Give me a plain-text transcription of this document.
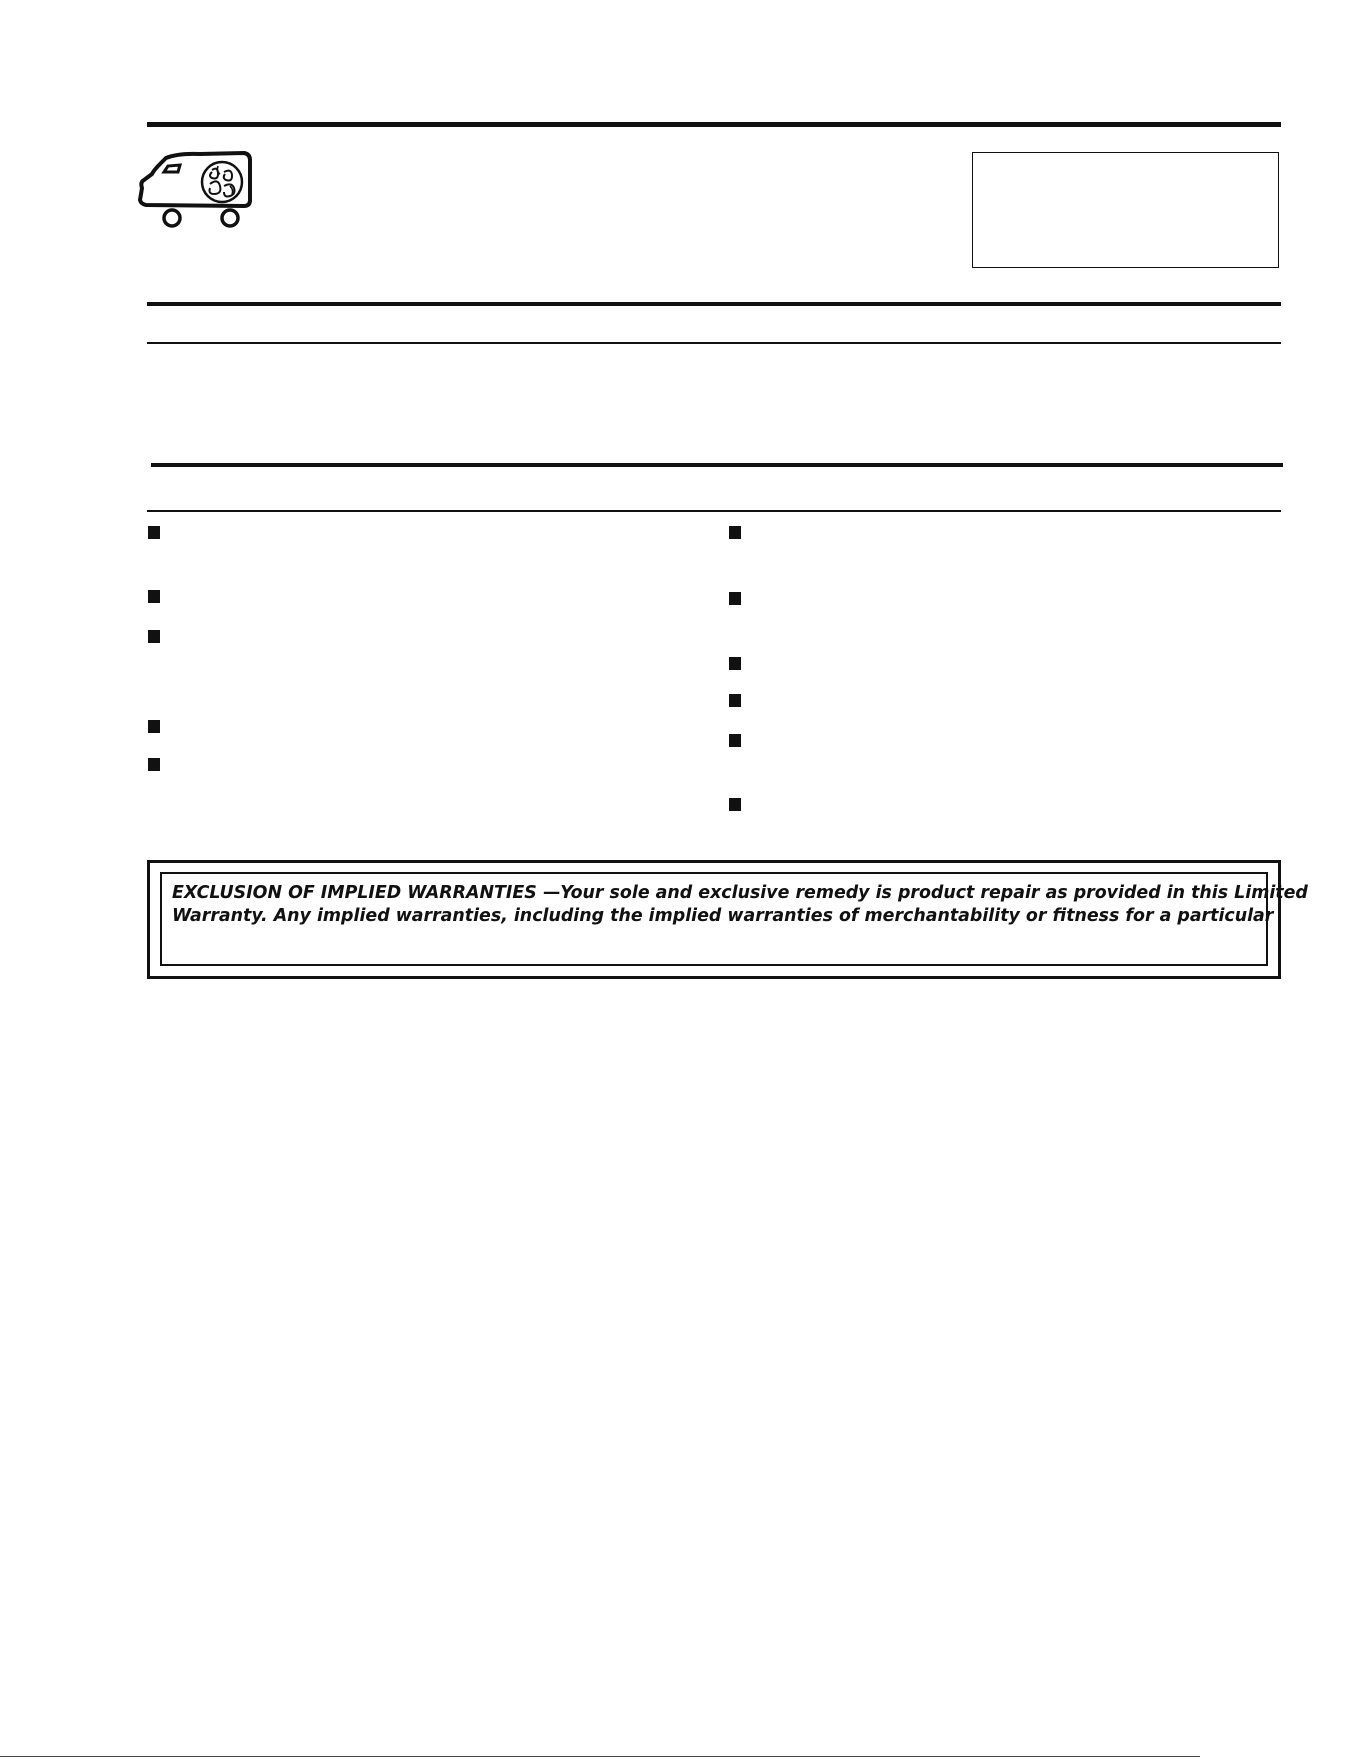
EXCLUSION OF IMPLIED WARRANTIES —Your sole and exclusive remedy is product repair as provided in this Limited
Warranty. Any implied warranties, including the implied warranties of merchantability or fitness for a particular
